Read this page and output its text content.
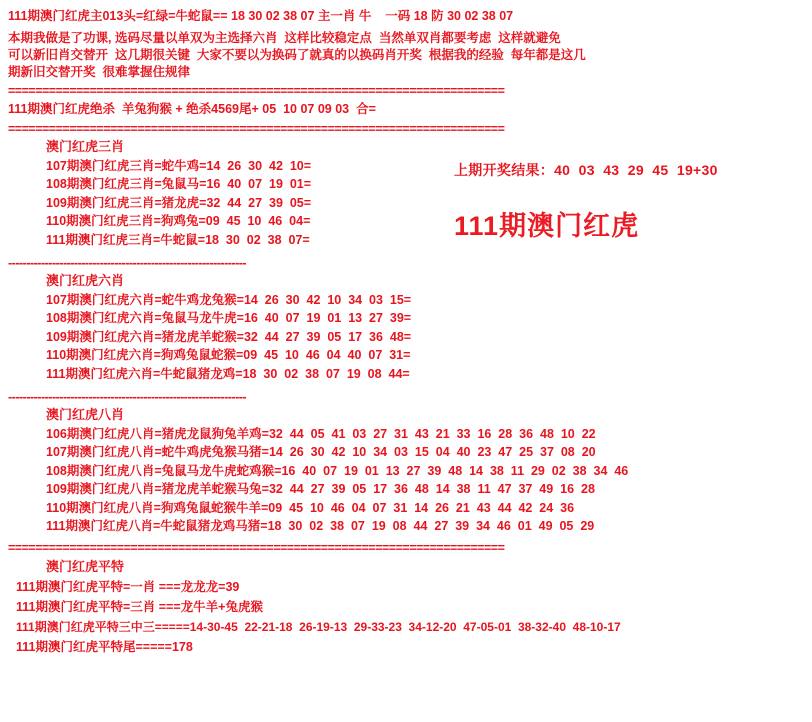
111期澳门红虎主013头=红绿=牛蛇鼠== 18 30 02 38 07 主一肖 牛    一码 18 防 30 02 38 07
本期我做是了功课, 选码尽量以单双为主选择六肖  这样比较稳定点  当然单双肖都要考虑  这样就避免
可以新旧肖交替开  这几期很关键  大家不要以为换码了就真的以换码肖开奖  根据我的经验  每年都是这几
期新旧交替开奖  很难掌握住规律
=========================================================================
111期澳门红虎绝杀  羊兔狗猴 + 绝杀4569尾+ 05  10 07 09 03  合=
=========================================================================
澳门红虎三肖
107期澳门红虎三肖=蛇牛鸡=14  26  30  42  10=
108期澳门红虎三肖=兔鼠马=16  40  07  19  01=
109期澳门红虎三肖=猪龙虎=32  44  27  39  05=
110期澳门红虎三肖=狗鸡兔=09  45  10  46  04=
111期澳门红虎三肖=牛蛇鼠=18  30  02  38  07=
-----------------------------------------------------------------
澳门红虎六肖
107期澳门红虎六肖=蛇牛鸡龙兔猴=14  26  30  42  10  34  03  15=
108期澳门红虎六肖=兔鼠马龙牛虎=16  40  07  19  01  13  27  39=
109期澳门红虎六肖=猪龙虎羊蛇猴=32  44  27  39  05  17  36  48=
110期澳门红虎六肖=狗鸡兔鼠蛇猴=09  45  10  46  04  40  07  31=
111期澳门红虎六肖=牛蛇鼠猪龙鸡=18  30  02  38  07  19  08  44=
-----------------------------------------------------------------
澳门红虎八肖
106期澳门红虎八肖=猪虎龙鼠狗兔羊鸡=32  44  05  41  03  27  31  43  21  33  16  28  36  48  10  22
107期澳门红虎八肖=蛇牛鸡虎兔猴马猪=14  26  30  42  10  34  03  15  04  40  23  47  25  37  08  20
108期澳门红虎八肖=兔鼠马龙牛虎蛇鸡猴=16  40  07  19  01  13  27  39  48  14  38  11  29  02  38  34  46
109期澳门红虎八肖=猪龙虎羊蛇猴马兔=32  44  27  39  05  17  36  48  14  38  11  47  37  49  16  28
110期澳门红虎八肖=狗鸡兔鼠蛇猴牛羊=09  45  10  46  04  07  31  14  26  21  43  44  42  24  36
111期澳门红虎八肖=牛蛇鼠猪龙鸡马猪=18  30  02  38  07  19  08  44  27  39  34  46  01  49  05  29
=========================================================================
澳门红虎平特
111期澳门红虎平特=一肖 ===龙龙龙=39
111期澳门红虎平特=三肖 ===龙牛羊+兔虎猴
111期澳门红虎平特三中三=====14-30-45  22-21-18  26-19-13  29-33-23  34-12-20  47-05-01  38-32-40  48-10-17
111期澳门红虎平特尾=====178
上期开奖结果：40  03  43  29  45  19+30
111期澳门红虎
